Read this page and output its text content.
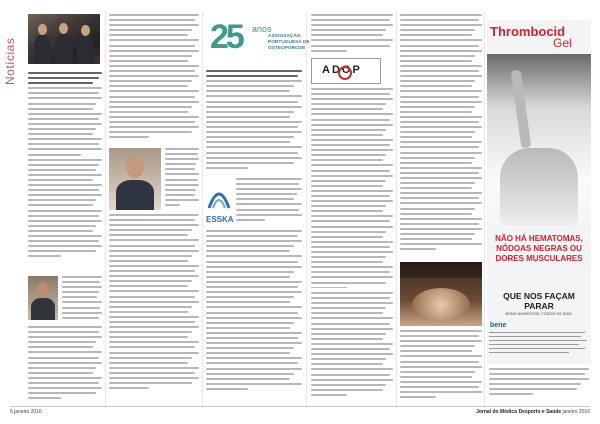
Notícias
25 anos
ASSOCIAÇÃO PORTUGUESA DE OSTEOPOROSE
ESSKA
ADOP
Thrombocid
Gel
NÃO HÁ HEMATOMAS, NÓDOAS NEGRAS OU DORES MUSCULARES
QUE NOS FAÇAM PARAR
BONS MOMENTOS, TODOS OS DIAS.
bene
6 janeiro 2016	Jornal do Médico Desporto e Saúde janeiro 2016
